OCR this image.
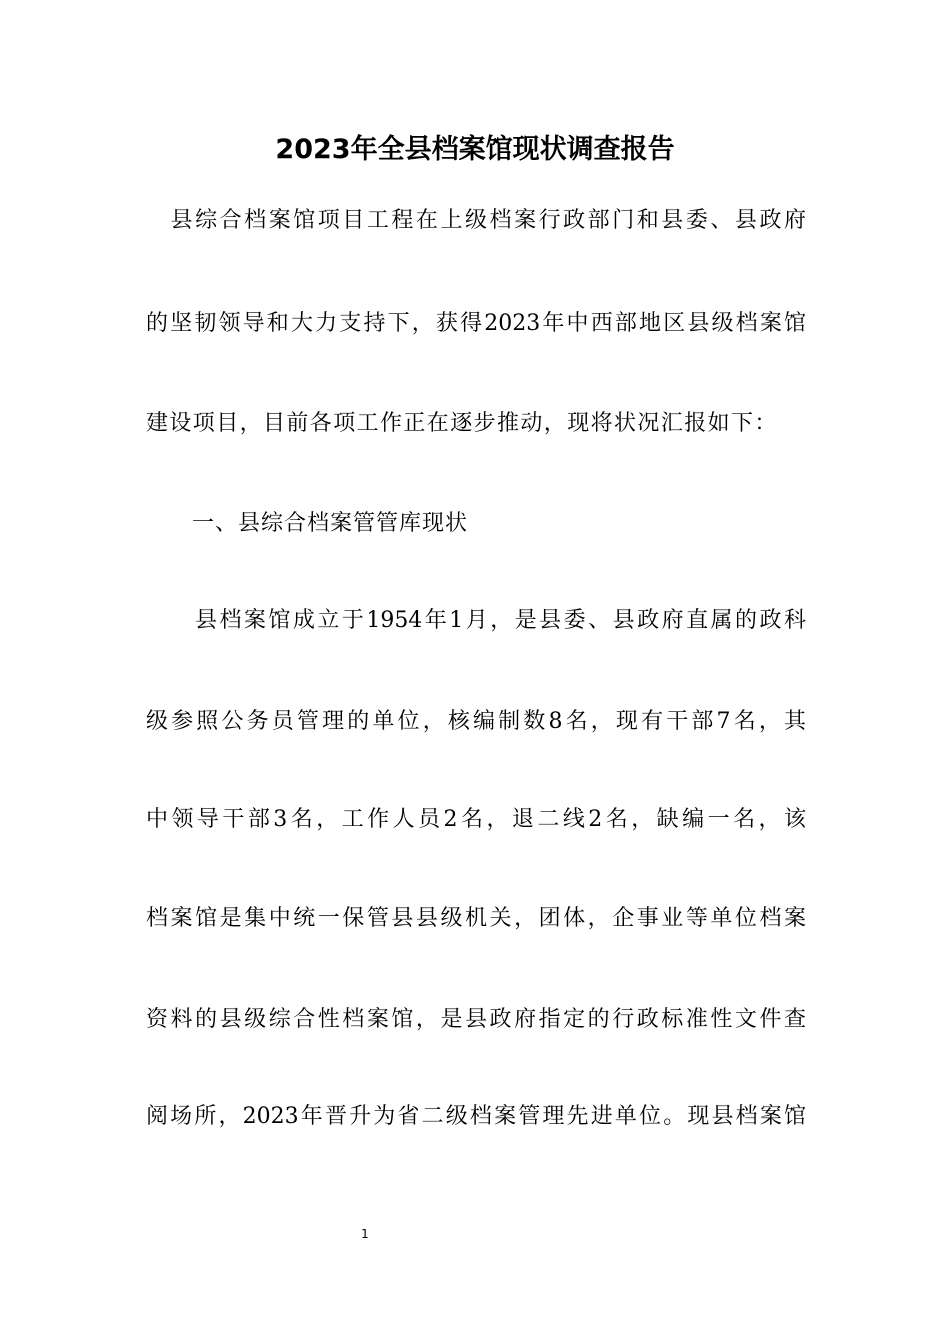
2023年全县档案馆现状调查报告
　县综合档案馆项目工程在上级档案行政部门和县委、县政府
的坚韧领导和大力支持下，获得2023年中西部地区县级档案馆
建设项目，目前各项工作正在逐步推动，现将状况汇报如下：
　　一、县综合档案管管库现状
　　县档案馆成立于1954年1月，是县委、县政府直属的政科
级参照公务员管理的单位，核编制数8名，现有干部7名，其
中领导干部3名，工作人员2名，退二线2名，缺编一名，该
档案馆是集中统一保管县县级机关，团体，企事业等单位档案
资料的县级综合性档案馆，是县政府指定的行政标准性文件查
阅场所，2023年晋升为省二级档案管理先进单位。现县档案馆
1
